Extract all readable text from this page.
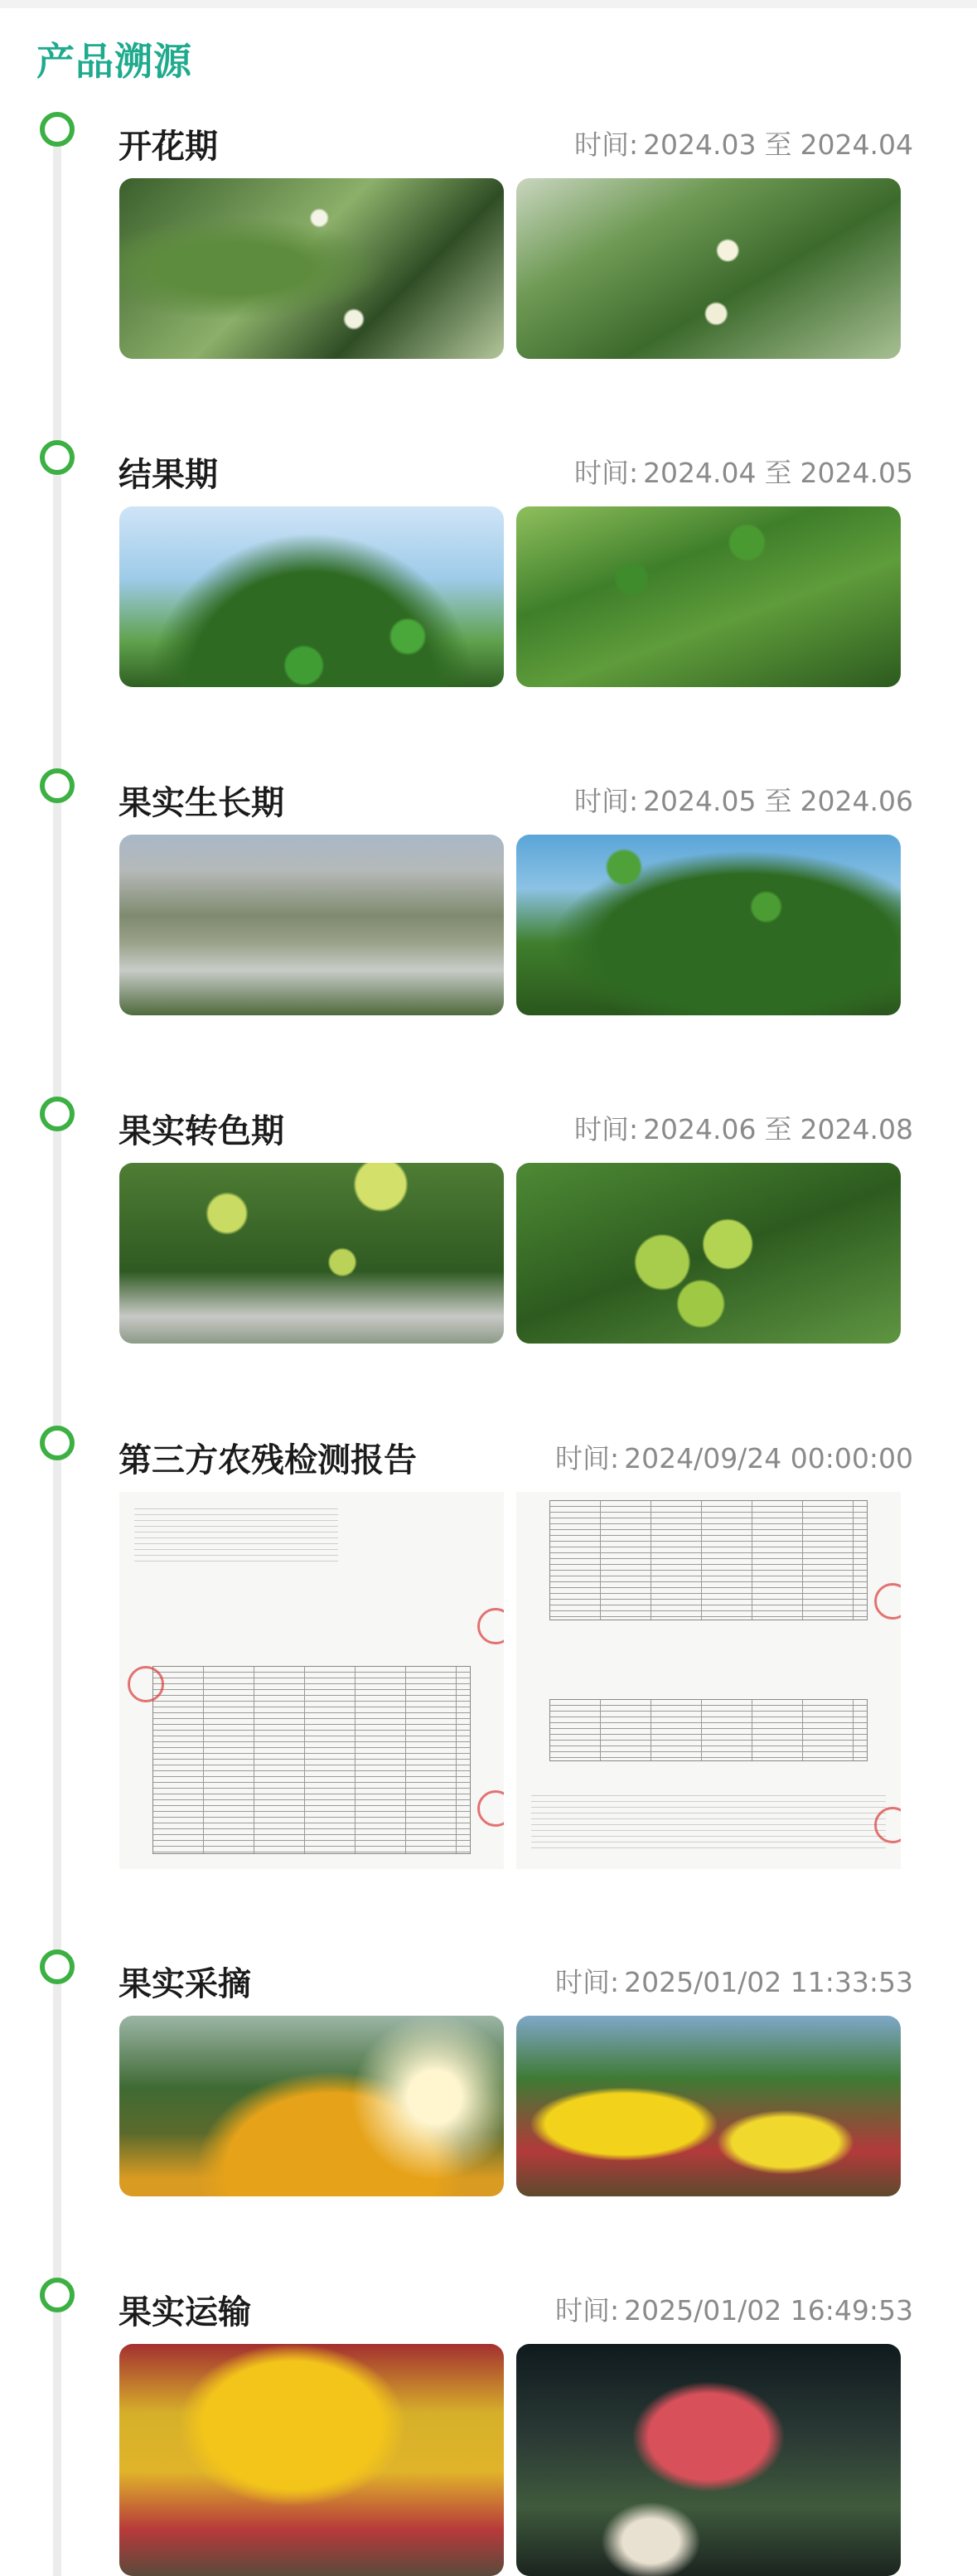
产品溯源
开花期	时间: 2024.03 至 2024.04
结果期	时间: 2024.04 至 2024.05
果实生长期	时间: 2024.05 至 2024.06
果实转色期	时间: 2024.06 至 2024.08
第三方农残检测报告	时间: 2024/09/24 00:00:00
果实采摘	时间: 2025/01/02 11:33:53
果实运输	时间: 2025/01/02 16:49:53
